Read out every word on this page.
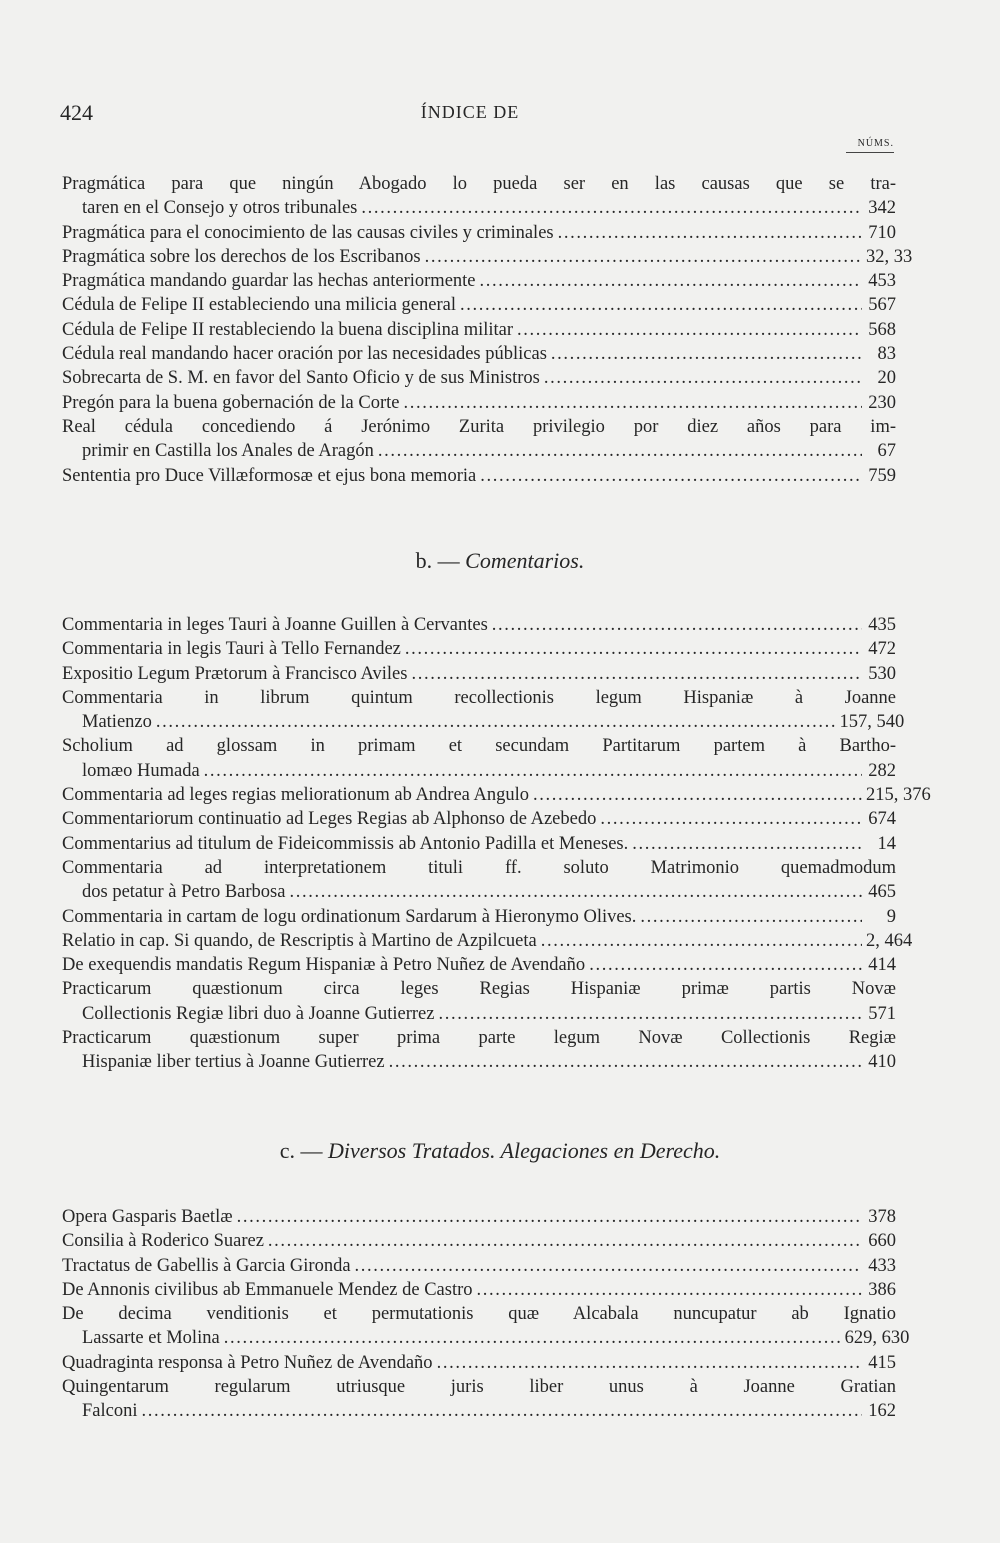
424	ÍNDICE DE
NÚMS.
Pragmática para que ningún Abogado lo pueda ser en las causas que se tra-
taren en el Consejo y otros tribunales . . .	342
Pragmática para el conocimiento de las causas civiles y criminales . . .	710
Pragmática sobre los derechos de los Escribanos . . .	32, 33
Pragmática mandando guardar las hechas anteriormente . . .	453
Cédula de Felipe II estableciendo una milicia general . . .	567
Cédula de Felipe II restableciendo la buena disciplina militar . . .	568
Cédula real mandando hacer oración por las necesidades públicas . . .	83
Sobrecarta de S. M. en favor del Santo Oficio y de sus Ministros . . .	20
Pregón para la buena gobernación de la Corte . . .	230
Real cédula concediendo á Jerónimo Zurita privilegio por diez años para im-
primir en Castilla los Anales de Aragón . . .	67
Sententia pro Duce Villæformosæ et ejus bona memoria . . .	759
b. — Comentarios.
Commentaria in leges Tauri à Joanne Guillen à Cervantes . . .	435
Commentaria in legis Tauri à Tello Fernandez . . .	472
Expositio Legum Prætorum à Francisco Aviles . . .	530
Commentaria in librum quintum recollectionis legum Hispaniæ à Joanne
Matienzo . . .	157, 540
Scholium ad glossam in primam et secundam Partitarum partem à Bartho-
lomæo Humada . . .	282
Commentaria ad leges regias meliorationum ab Andrea Angulo . . .	215, 376
Commentariorum continuatio ad Leges Regias ab Alphonso de Azebedo . . .	674
Commentarius ad titulum de Fideicommissis ab Antonio Padilla et Meneses. . . .	14
Commentaria ad interpretationem tituli ff. soluto Matrimonio quemadmodum
dos petatur à Petro Barbosa . . .	465
Commentaria in cartam de logu ordinationum Sardarum à Hieronymo Olives. . . .	9
Relatio in cap. Si quando, de Rescriptis à Martino de Azpilcueta . . .	2, 464
De exequendis mandatis Regum Hispaniæ à Petro Nuñez de Avendaño . . .	414
Practicarum quæstionum circa leges Regias Hispaniæ primæ partis Novæ
Collectionis Regiæ libri duo à Joanne Gutierrez . . .	571
Practicarum quæstionum super prima parte legum Novæ Collectionis Regiæ
Hispaniæ liber tertius à Joanne Gutierrez . . .	410
c. — Diversos Tratados. Alegaciones en Derecho.
Opera Gasparis Baetlæ . . .	378
Consilia à Roderico Suarez . . .	660
Tractatus de Gabellis à Garcia Gironda . . .	433
De Annonis civilibus ab Emmanuele Mendez de Castro . . .	386
De decima venditionis et permutationis quæ Alcabala nuncupatur ab Ignatio
Lassarte et Molina . . .	629, 630
Quadraginta responsa à Petro Nuñez de Avendaño . . .	415
Quingentarum regularum utriusque juris liber unus à Joanne Gratian
Falconi . . .	162
